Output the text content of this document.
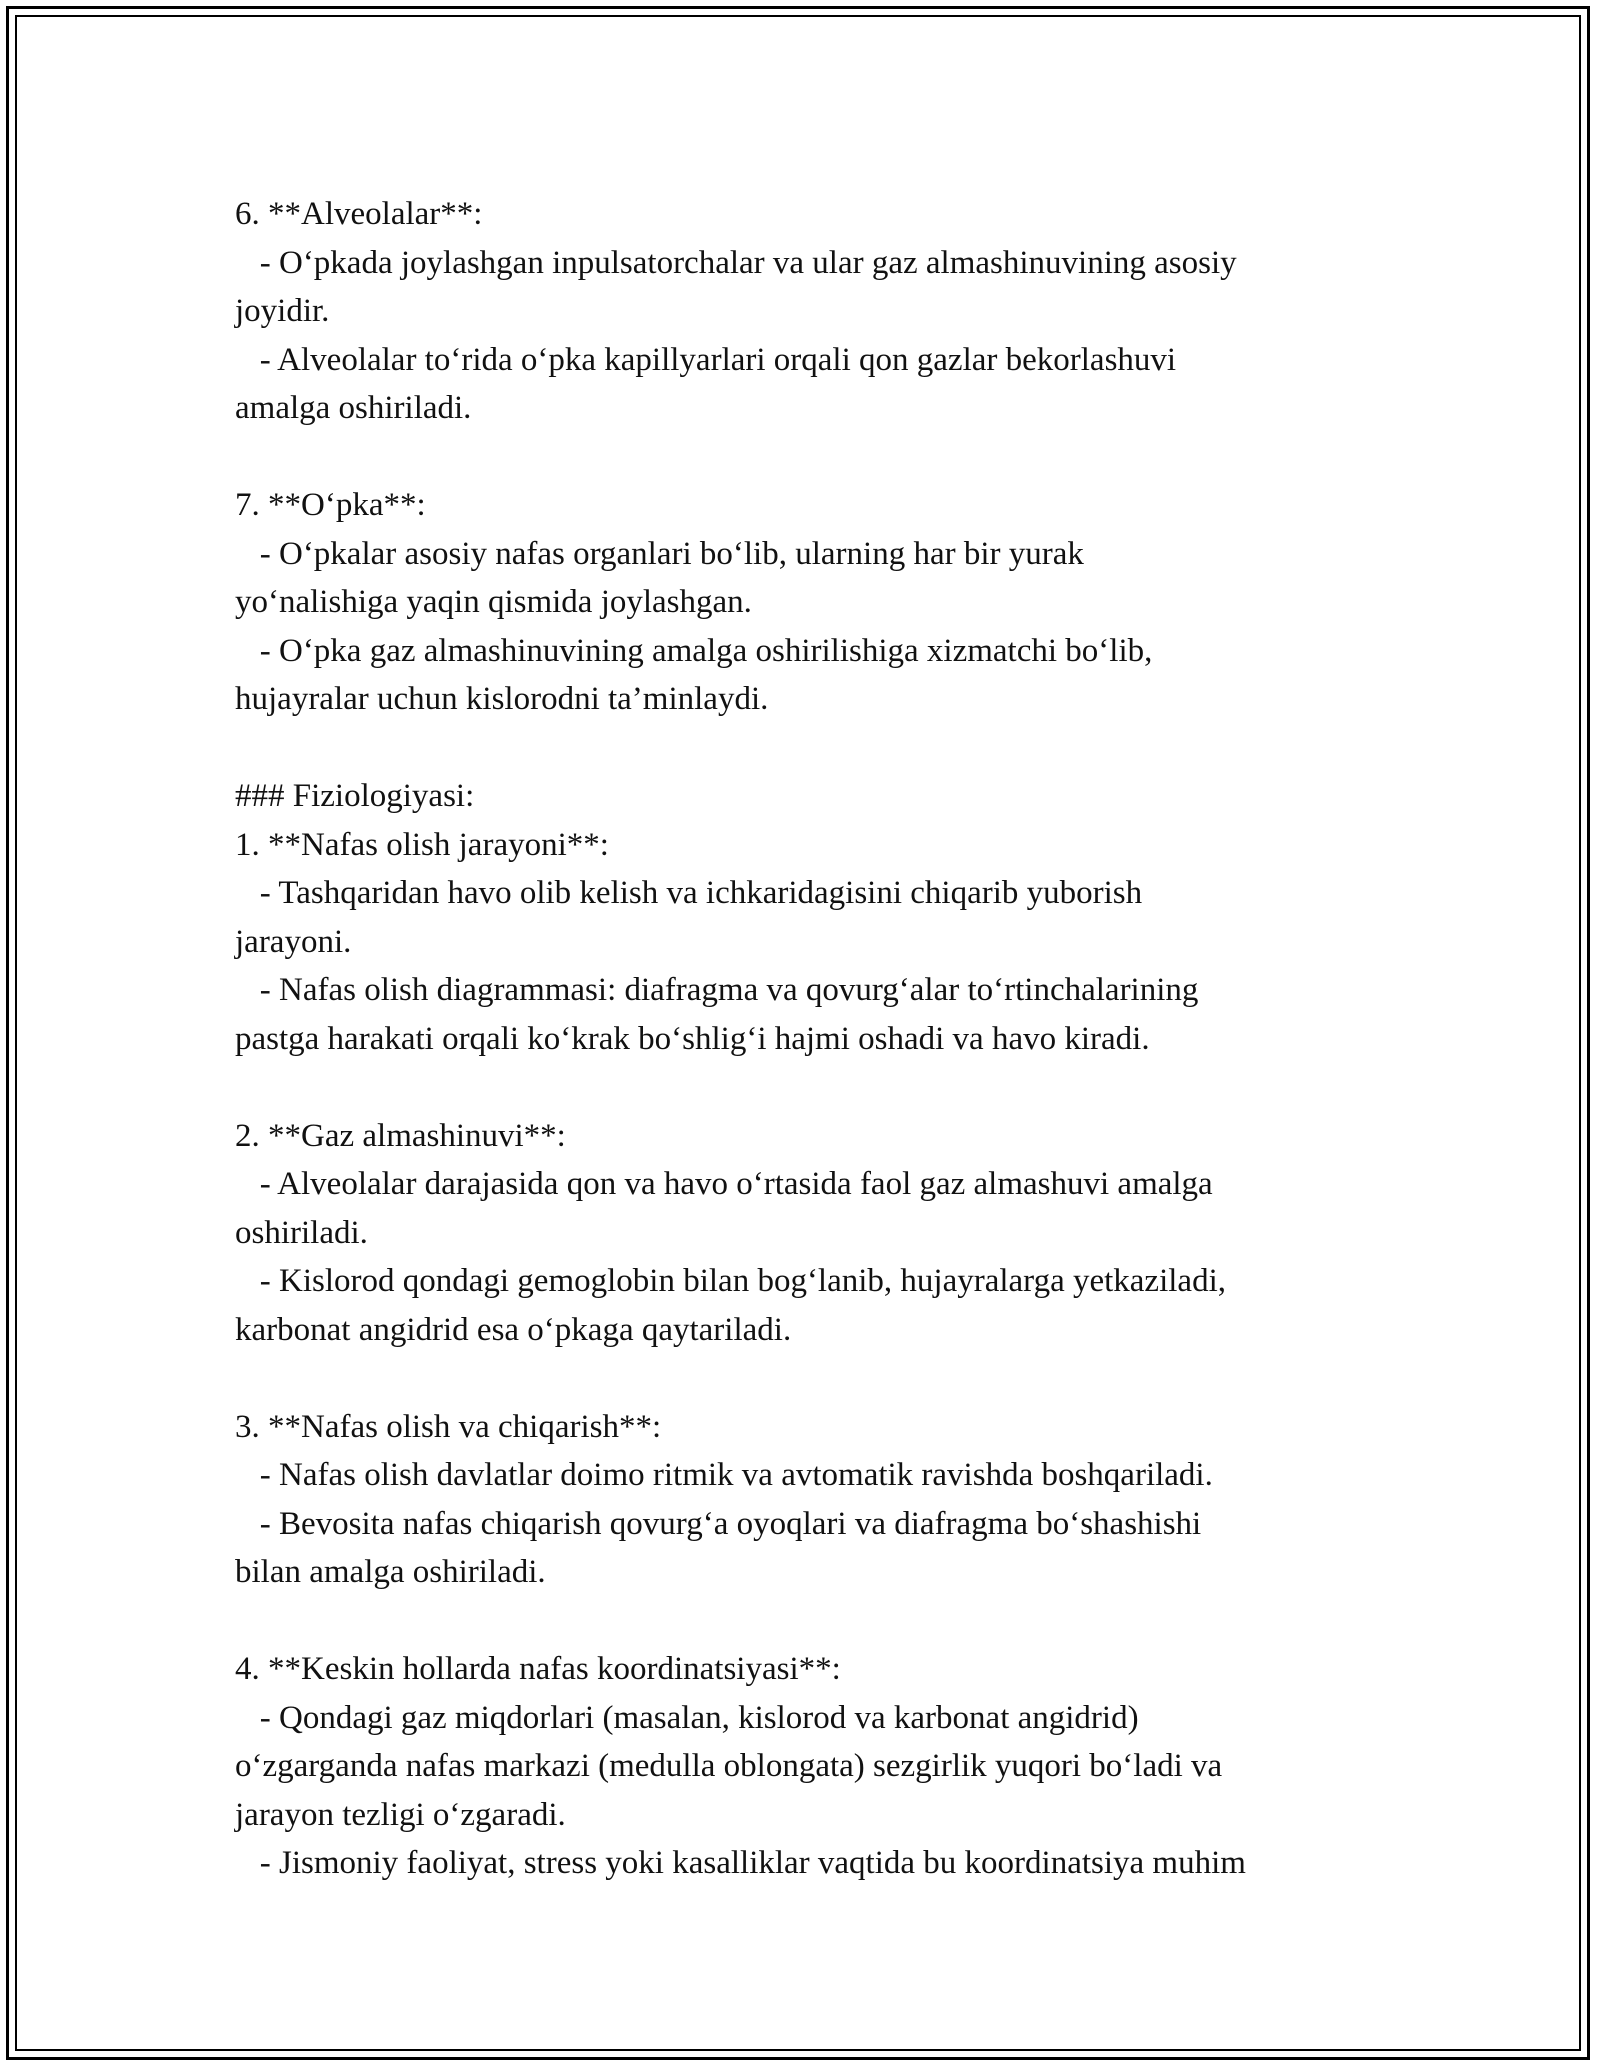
6. **Alveolalar**:
- O‘pkada joylashgan inpulsatorchalar va ular gaz almashinuvining asosiy
joyidir.
- Alveolalar to‘rida o‘pka kapillyarlari orqali qon gazlar bekorlashuvi
amalga oshiriladi.
7. **O‘pka**:
- O‘pkalar asosiy nafas organlari bo‘lib, ularning har bir yurak
yo‘nalishiga yaqin qismida joylashgan.
- O‘pka gaz almashinuvining amalga oshirilishiga xizmatchi bo‘lib,
hujayralar uchun kislorodni ta’minlaydi.
### Fiziologiyasi:
1. **Nafas olish jarayoni**:
- Tashqaridan havo olib kelish va ichkaridagisini chiqarib yuborish
jarayoni.
- Nafas olish diagrammasi: diafragma va qovurg‘alar to‘rtinchalarining
pastga harakati orqali ko‘krak bo‘shlig‘i hajmi oshadi va havo kiradi.
2. **Gaz almashinuvi**:
- Alveolalar darajasida qon va havo o‘rtasida faol gaz almashuvi amalga
oshiriladi.
- Kislorod qondagi gemoglobin bilan bog‘lanib, hujayralarga yetkaziladi,
karbonat angidrid esa o‘pkaga qaytariladi.
3. **Nafas olish va chiqarish**:
- Nafas olish davlatlar doimo ritmik va avtomatik ravishda boshqariladi.
- Bevosita nafas chiqarish qovurg‘a oyoqlari va diafragma bo‘shashishi
bilan amalga oshiriladi.
4. **Keskin hollarda nafas koordinatsiyasi**:
- Qondagi gaz miqdorlari (masalan, kislorod va karbonat angidrid)
o‘zgarganda nafas markazi (medulla oblongata) sezgirlik yuqori bo‘ladi va
jarayon tezligi o‘zgaradi.
- Jismoniy faoliyat, stress yoki kasalliklar vaqtida bu koordinatsiya muhim
